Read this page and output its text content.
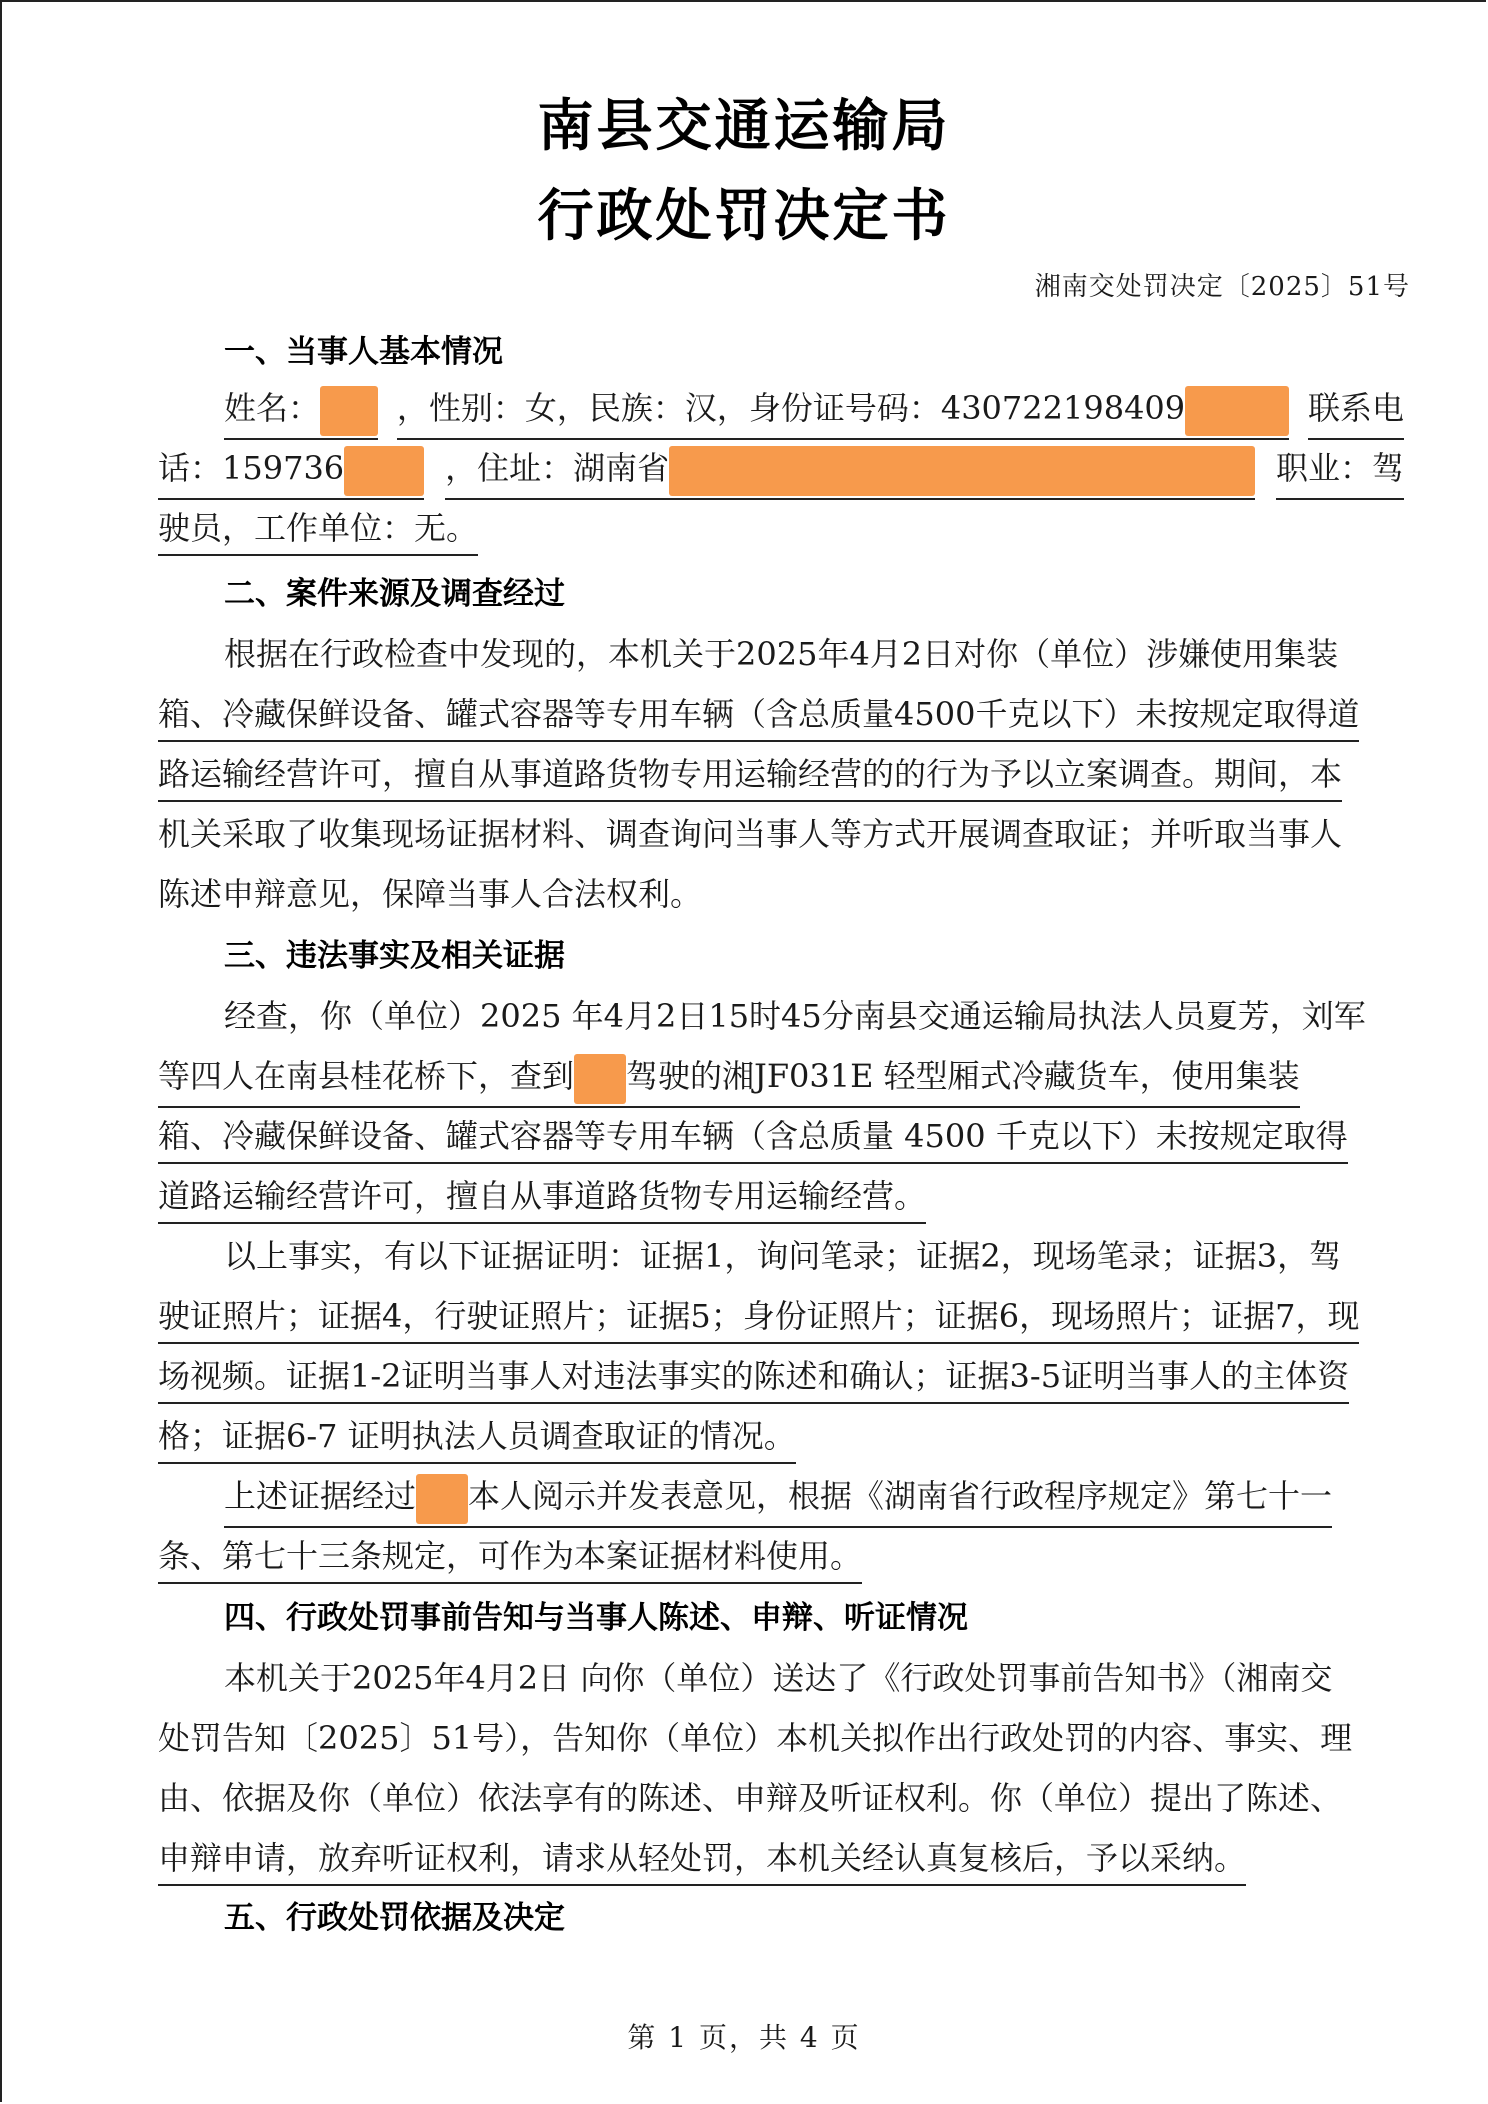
南县交通运输局
行政处罚决定书
湘南交处罚决定〔2025〕51号
一、当事人基本情况
姓名：	，性别：女，民族：汉，身份证号码：430722198409	联系电
话：159736	，住址：湖南省	职业：驾
驶员，工作单位：无。
二、案件来源及调查经过
根据在行政检查中发现的，本机关于2025年4月2日对你（单位）涉嫌使用集装
箱、冷藏保鲜设备、罐式容器等专用车辆（含总质量4500千克以下）未按规定取得道
路运输经营许可，擅自从事道路货物专用运输经营的的行为予以立案调查。期间，本
机关采取了收集现场证据材料、调查询问当事人等方式开展调查取证；并听取当事人
陈述申辩意见，保障当事人合法权利。
三、违法事实及相关证据
经查，你（单位）2025 年4月2日15时45分南县交通运输局执法人员夏芳，刘军
等四人在南县桂花桥下，查到 驾驶的湘JF031E 轻型厢式冷藏货车，使用集装
箱、冷藏保鲜设备、罐式容器等专用车辆（含总质量 4500 千克以下）未按规定取得
道路运输经营许可，擅自从事道路货物专用运输经营。
以上事实，有以下证据证明：证据1，询问笔录；证据2，现场笔录；证据3，驾
驶证照片；证据4，行驶证照片；证据5；身份证照片；证据6，现场照片；证据7，现
场视频。证据1-2证明当事人对违法事实的陈述和确认；证据3-5证明当事人的主体资
格；证据6-7 证明执法人员调查取证的情况。
上述证据经过 本人阅示并发表意见，根据《湖南省行政程序规定》第七十一
条、第七十三条规定，可作为本案证据材料使用。
四、行政处罚事前告知与当事人陈述、申辩、听证情况
本机关于2025年4月2日 向你（单位）送达了《行政处罚事前告知书》（湘南交
处罚告知〔2025〕51号），告知你（单位）本机关拟作出行政处罚的内容、事实、理
由、依据及你（单位）依法享有的陈述、申辩及听证权利。你（单位）提出了陈述、
申辩申请，放弃听证权利，请求从轻处罚，本机关经认真复核后，予以采纳。
五、行政处罚依据及决定
第 1 页，共 4 页
